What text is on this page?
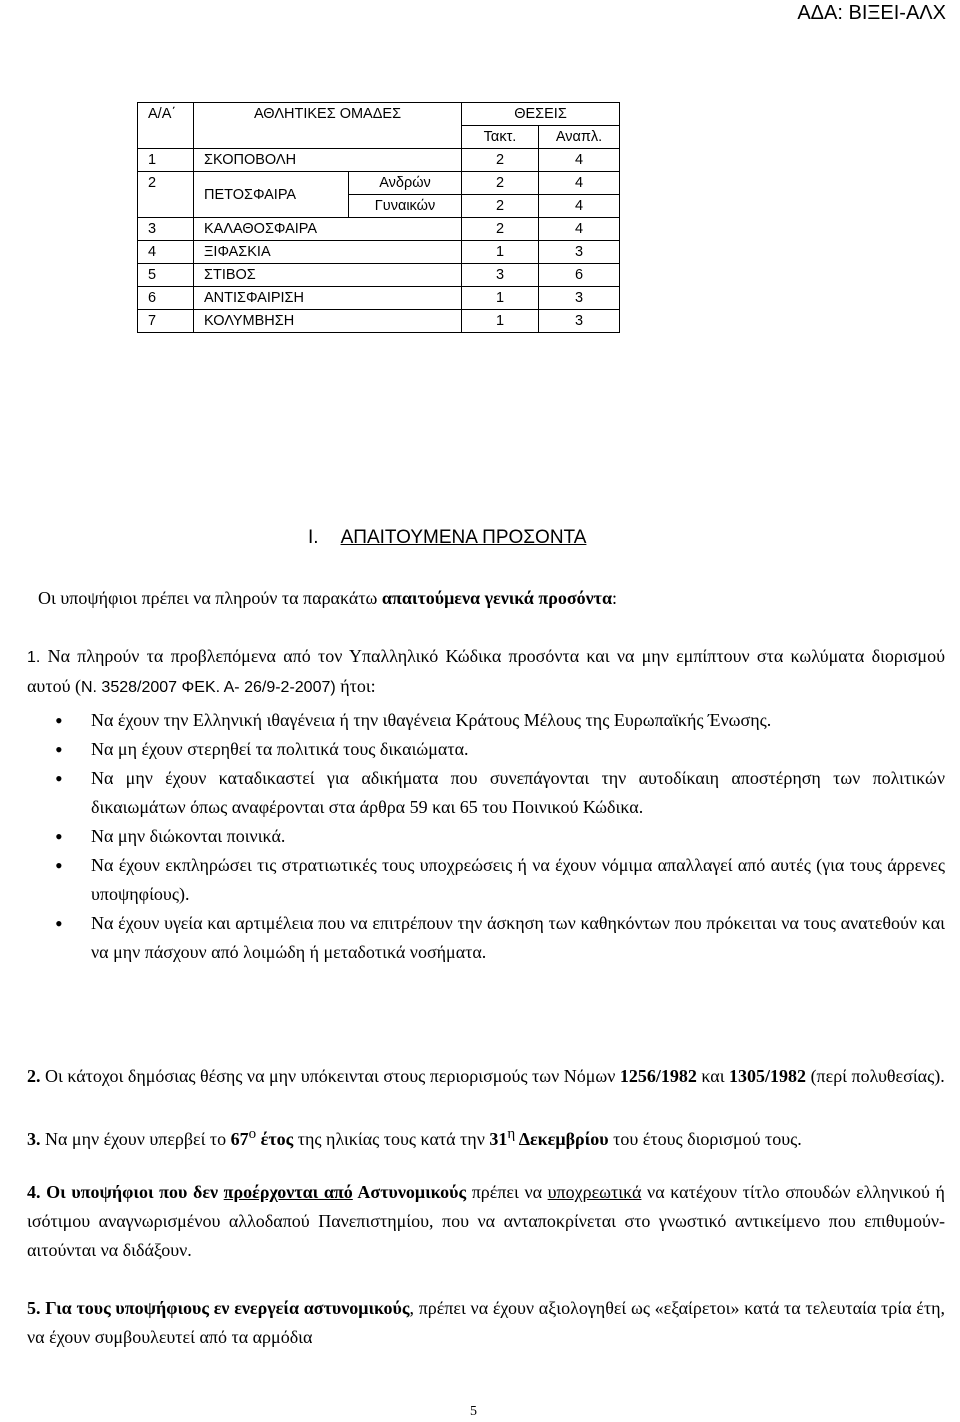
ΑΔΑ: ΒΙΞΕΙ-ΑΛΧ
Α/Α΄	ΑΘΛΗΤΙΚΕΣ ΟΜΑΔΕΣ		ΘΕΣΕΙΣ	
			Τακτ.	Αναπλ.
1	ΣΚΟΠΟΒΟΛΗ		2	4
2	ΠΕΤΟΣΦΑΙΡΑ	Ανδρών	2	4
		Γυναικών	2	4
3	ΚΑΛΑΘΟΣΦΑΙΡΑ		2	4
4	ΞΙΦΑΣΚΙΑ		1	3
5	ΣΤΙΒΟΣ		3	6
6	ΑΝΤΙΣΦΑΙΡΙΣΗ		1	3
7	ΚΟΛΥΜΒΗΣΗ		1	3
Ι. ΑΠΑΙΤΟΥΜΕΝΑ ΠΡΟΣΟΝΤΑ
Οι υποψήφιοι πρέπει να πληρούν τα παρακάτω απαιτούμενα γενικά προσόντα:
1. Να πληρούν τα προβλεπόμενα από τον Υπαλληλικό Κώδικα προσόντα και να μην εμπίπτουν στα κωλύματα διορισμού αυτού (Ν. 3528/2007 ΦΕΚ. Α- 26/9-2-2007) ήτοι:
• Να έχουν την Ελληνική ιθαγένεια ή την ιθαγένεια Κράτους Μέλους της Ευρωπαϊκής Ένωσης.
• Να μη έχουν στερηθεί τα πολιτικά τους δικαιώματα.
• Να μην έχουν καταδικαστεί για αδικήματα που συνεπάγονται την αυτοδίκαιη αποστέρηση των πολιτικών δικαιωμάτων όπως αναφέρονται στα άρθρα 59 και 65 του Ποινικού Κώδικα.
• Να μην διώκονται ποινικά.
• Να έχουν εκπληρώσει τις στρατιωτικές τους υποχρεώσεις ή να έχουν νόμιμα απαλλαγεί από αυτές (για τους άρρενες υποψηφίους).
• Να έχουν υγεία και αρτιμέλεια που να επιτρέπουν την άσκηση των καθηκόντων που πρόκειται να τους ανατεθούν και να μην πάσχουν από λοιμώδη ή μεταδοτικά νοσήματα.
2. Οι κάτοχοι δημόσιας θέσης να μην υπόκεινται στους περιορισμούς των Νόμων 1256/1982 και 1305/1982 (περί πολυθεσίας).
3. Να μην έχουν υπερβεί το $67^o$ έτος της ηλικίας τους κατά την $31^\eta$ Δεκεμβρίου του έτους διορισμού τους.
4. Οι υποψήφιοι που δεν προέρχονται από Αστυνομικούς πρέπει να υποχρεωτικά να κατέχουν τίτλο σπουδών ελληνικού ή ισότιμου αναγνωρισμένου αλλοδαπού Πανεπιστημίου, που να ανταποκρίνεται στο γνωστικό αντικείμενο που επιθυμούν-αιτούνται να διδάξουν.
5. Για τους υποψήφιους εν ενεργεία αστυνομικούς, πρέπει να έχουν αξιολογηθεί ως «εξαίρετοι» κατά τα τελευταία τρία έτη, να έχουν συμβουλευτεί από τα αρμόδια
5
